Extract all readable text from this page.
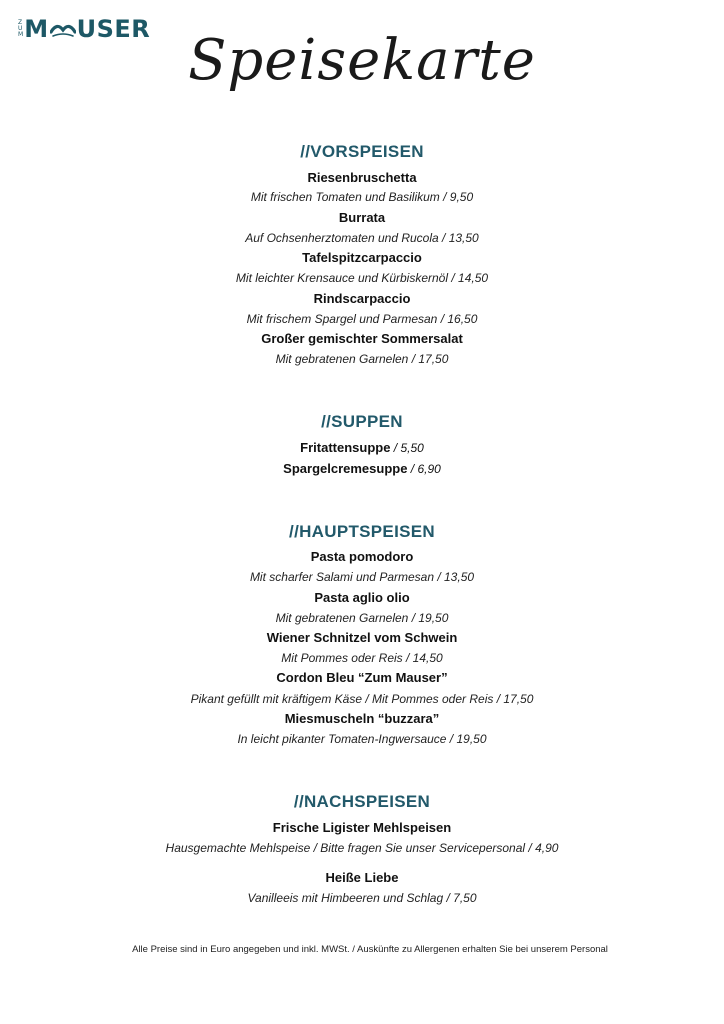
Z
U
M M USER Speisekarte
//VORSPEISEN
Riesenbruschetta
Mit frischen Tomaten und Basilikum / 9,50
Burrata
Auf Ochsenherztomaten und Rucola / 13,50
Tafelspitzcarpaccio
Mit leichter Krensauce und Kürbiskernöl / 14,50
Rindscarpaccio
Mit frischem Spargel und Parmesan / 16,50
Großer gemischter Sommersalat
Mit gebratenen Garnelen / 17,50
//SUPPEN
Fritattensuppe / 5,50
Spargelcremesuppe / 6,90
//HAUPTSPEISEN
Pasta pomodoro
Mit scharfer Salami und Parmesan / 13,50
Pasta aglio olio
Mit gebratenen Garnelen / 19,50
Wiener Schnitzel vom Schwein
Mit Pommes oder Reis / 14,50
Cordon Bleu “Zum Mauser”
Pikant gefüllt mit kräftigem Käse / Mit Pommes oder Reis / 17,50
Miesmuscheln “buzzara”
In leicht pikanter Tomaten-Ingwersauce / 19,50
//NACHSPEISEN
Frische Ligister Mehlspeisen
Hausgemachte Mehlspeise / Bitte fragen Sie unser Servicepersonal / 4,90
Heiße Liebe
Vanilleeis mit Himbeeren und Schlag / 7,50
Alle Preise sind in Euro angegeben und inkl. MWSt. / Auskünfte zu Allergenen erhalten Sie bei unserem Personal
